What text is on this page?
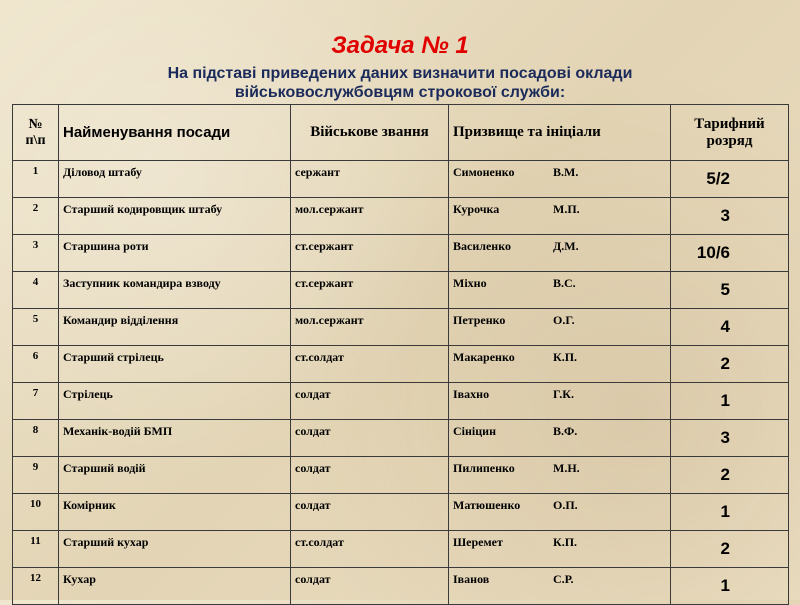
Задача № 1
На підставі приведених даних визначити посадові оклади
військовослужбовцям строкової служби:
№ п\п	Найменування посади	Військове звання	Призвище та ініціали	Тарифний розряд
1	Діловод штабу	сержант	Симоненко В.М.	5/2
2	Старший кодировщик штабу	мол.сержант	Курочка М.П.	3
3	Старшина роти	ст.сержант	Василенко Д.М.	10/6
4	Заступник командира взводу	ст.сержант	Міхно В.С.	5
5	Командир відділення	мол.сержант	Петренко О.Г.	4
6	Старший стрілець	ст.солдат	Макаренко К.П.	2
7	Стрілець	солдат	Івахно Г.К.	1
8	Механік-водій БМП	солдат	Сініцин В.Ф.	3
9	Старший водій	солдат	Пилипенко М.Н.	2
10	Комірник	солдат	Матюшенко О.П.	1
11	Старший кухар	ст.солдат	Шеремет К.П.	2
12	Кухар	солдат	Іванов С.Р.	1
